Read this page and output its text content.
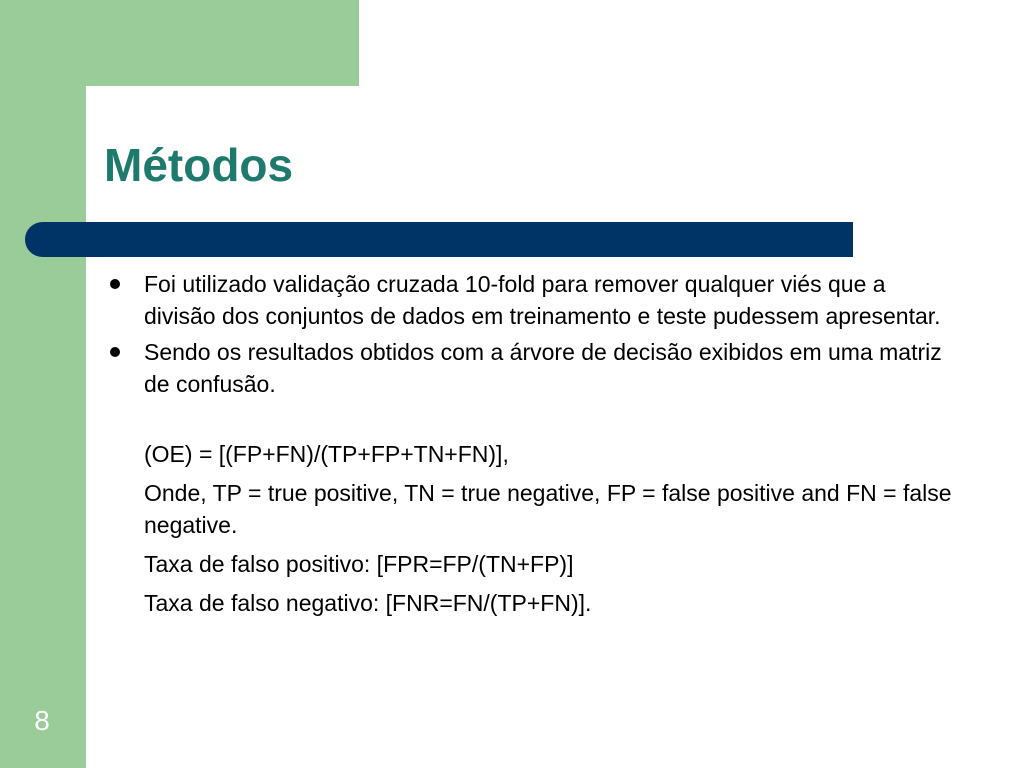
Métodos
Foi utilizado validação cruzada 10-fold para remover qualquer viés que a divisão dos conjuntos de dados em treinamento e teste pudessem apresentar.
Sendo os resultados obtidos com a árvore de decisão exibidos em uma matriz de confusão.
(OE) = [(FP+FN)/(TP+FP+TN+FN)],
Onde, TP = true positive, TN = true negative, FP = false positive and FN = false negative.
Taxa de falso positivo: [FPR=FP/(TN+FP)]
Taxa de falso negativo: [FNR=FN/(TP+FN)].
8
